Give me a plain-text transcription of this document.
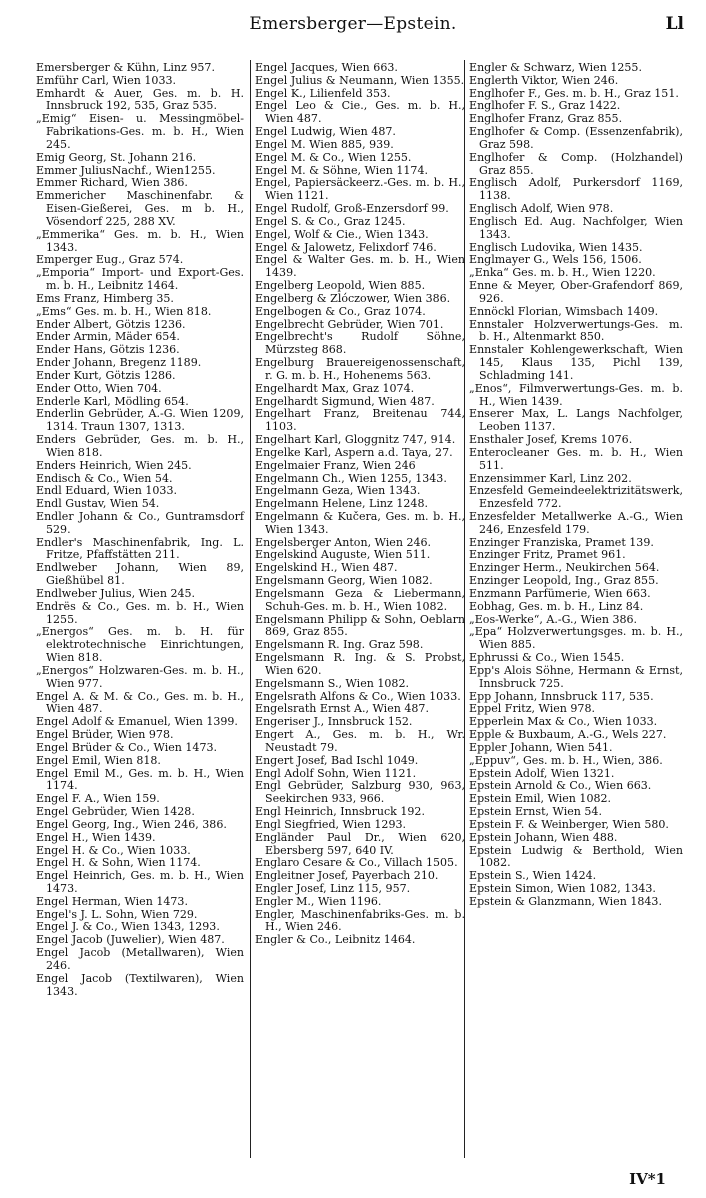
Emersberger—Epstein.	Ll

Emersberger & Kühn, Linz 957.

Emführ Carl, Wien 1033.

Emhardt & Auer, Ges. m. b. H. Innsbruck 192, 535, Graz 535.

„Emig“ Eisen- u. Messingmöbel-Fabrikations-Ges. m. b. H., Wien 245.

Emig Georg, St. Johann 216.

Emmer JuliusNachf., Wien1255.

Emmer Richard, Wien 386.

Emmericher Maschinenfabr. & Eisen-Gießerei, Ges. m b. H., Vösendorf 225, 288 XV.

„Emmerika“ Ges. m. b. H., Wien 1343.

Emperger Eug., Graz 574.

„Emporia“ Import- und Export-Ges. m. b. H., Leibnitz 1464.

Ems Franz, Himberg 35.

„Ems“ Ges. m. b. H., Wien 818.

Ender Albert, Götzis 1236.

Ender Armin, Mäder 654.

Ender Hans, Götzis 1236.

Ender Johann, Bregenz 1189.

Ender Kurt, Götzis 1286.

Ender Otto, Wien 704.

Enderle Karl, Mödling 654.

Enderlin Gebrüder, A.-G. Wien 1209, 1314. Traun 1307, 1313.

Enders Gebrüder, Ges. m. b. H., Wien 818.

Enders Heinrich, Wien 245.

Endisch & Co., Wien 54.

Endl Eduard, Wien 1033.

Endl Gustav, Wien 54.

Endler Johann & Co., Guntramsdorf 529.

Endler's Maschinenfabrik, Ing. L. Fritze, Pfaffstätten 211.

Endlweber Johann, Wien 89, Gießhübel 81.

Endlweber Julius, Wien 245.

Endrës & Co., Ges. m. b. H., Wien 1255.

„Energos“ Ges. m. b. H. für elektrotechnische Einrichtungen, Wien 818.

„Energos“ Holzwaren-Ges. m. b. H., Wien 977.

Engel A. & M. & Co., Ges. m. b. H., Wien 487.

Engel Adolf & Emanuel, Wien 1399.

Engel Brüder, Wien 978.

Engel Brüder & Co., Wien 1473.

Engel Emil, Wien 818.

Engel Emil M., Ges. m. b. H., Wien 1174.

Engel F. A., Wien 159.

Engel Gebrüder, Wien 1428.

Engel Georg, Ing., Wien 246, 386.

Engel H., Wien 1439.

Engel H. & Co., Wien 1033.

Engel H. & Sohn, Wien 1174.

Engel Heinrich, Ges. m. b. H., Wien 1473.

Engel Herman, Wien 1473.

Engel's J. L. Sohn, Wien 729.

Engel J. & Co., Wien 1343, 1293.

Engel Jacob (Juwelier), Wien 487.

Engel Jacob (Metallwaren), Wien 246.

Engel Jacob (Textilwaren), Wien 1343.

Engel Jacques, Wien 663.

Engel Julius & Neumann, Wien 1355.

Engel K., Lilienfeld 353.

Engel Leo & Cie., Ges. m. b. H., Wien 487.

Engel Ludwig, Wien 487.

Engel M. Wien 885, 939.

Engel M. & Co., Wien 1255.

Engel M. & Söhne, Wien 1174.

Engel, Papiersäckeerz.-Ges. m. b. H., Wien 1121.

Engel Rudolf, Groß-Enzersdorf 99.

Engel S. & Co., Graz 1245.

Engel, Wolf & Cie., Wien 1343.

Engel & Jalowetz, Felixdorf 746.

Engel & Walter Ges. m. b. H., Wien 1439.

Engelberg Leopold, Wien 885.

Engelberg & Zlóczower, Wien 386.

Engelbogen & Co., Graz 1074.

Engelbrecht Gebrüder, Wien 701.

Engelbrecht's Rudolf Söhne, Mürzsteg 868.

Engelburg Brauereigenossenschaft, r. G. m. b. H., Hohenems 563.

Engelhardt Max, Graz 1074.

Engelhardt Sigmund, Wien 487.

Engelhart Franz, Breitenau 744, 1103.

Engelhart Karl, Gloggnitz 747, 914.

Engelke Karl, Aspern a.d. Taya, 27.

Engelmaier Franz, Wien 246

Engelmann Ch., Wien 1255, 1343.

Engelmann Geza, Wien 1343.

Engelmann Helene, Linz 1248.

Engelmann & Kučera, Ges. m. b. H., Wien 1343.

Engelsberger Anton, Wien 246.

Engelskind Auguste, Wien 511.

Engelskind H., Wien 487.

Engelsmann Georg, Wien 1082.

Engelsmann Geza & Liebermann, Schuh-Ges. m. b. H., Wien 1082.

Engelsmann Philipp & Sohn, Oeblarn 869, Graz 855.

Engelsmann R. Ing. Graz 598.

Engelsmann R. Ing. & S. Probst, Wien 620.

Engelsmann S., Wien 1082.

Engelsrath Alfons & Co., Wien 1033.

Engelsrath Ernst A., Wien 487.

Engeriser J., Innsbruck 152.

Engert A., Ges. m. b. H., Wr. Neustadt 79.

Engert Josef, Bad Ischl 1049.

Engl Adolf Sohn, Wien 1121.

Engl Gebrüder, Salzburg 930, 963, Seekirchen 933, 966.

Engl Heinrich, Innsbruck 192.

Engl Siegfried, Wien 1293.

Engländer Paul Dr., Wien 620, Ebersberg 597, 640 IV.

Englaro Cesare & Co., Villach 1505.

Engleitner Josef, Payerbach 210.

Engler Josef, Linz 115, 957.

Engler M., Wien 1196.

Engler, Maschinenfabriks-Ges. m. b. H., Wien 246.

Engler & Co., Leibnitz 1464.

Engler & Schwarz, Wien 1255.

Englerth Viktor, Wien 246.

Englhofer F., Ges. m. b. H., Graz 151.

Englhofer F. S., Graz 1422.

Englhofer Franz, Graz 855.

Englhofer & Comp. (Essenzenfabrik), Graz 598.

Englhofer & Comp. (Holzhandel) Graz 855.

Englisch Adolf, Purkersdorf 1169, 1138.

Englisch Adolf, Wien 978.

Englisch Ed. Aug. Nachfolger, Wien 1343.

Englisch Ludovika, Wien 1435.

Englmayer G., Wels 156, 1506.

„Enka“ Ges. m. b. H., Wien 1220.

Enne & Meyer, Ober-Grafendorf 869, 926.

Ennöckl Florian, Wimsbach 1409.

Ennstaler Holzverwertungs-Ges. m. b. H., Altenmarkt 850.

Ennstaler Kohlengewerkschaft, Wien 145, Klaus 135, Pichl 139, Schladming 141.

„Enos“, Filmverwertungs-Ges. m. b. H., Wien 1439.

Enserer Max, L. Langs Nachfolger, Leoben 1137.

Ensthaler Josef, Krems 1076.

Enterocleaner Ges. m. b. H., Wien 511.

Enzensimmer Karl, Linz 202.

Enzesfeld Gemeindeelektrizitätswerk, Enzesfeld 772.

Enzesfelder Metallwerke A.-G., Wien 246, Enzesfeld 179.

Enzinger Franziska, Pramet 139.

Enzinger Fritz, Pramet 961.

Enzinger Herm., Neukirchen 564.

Enzinger Leopold, Ing., Graz 855.

Enzmann Parfümerie, Wien 663.

Eobhag, Ges. m. b. H., Linz 84.

„Eos-Werke“, A.-G., Wien 386.

„Epa“ Holzverwertungsges. m. b. H., Wien 885.

Ephrussi & Co., Wien 1545.

Epp's Alois Söhne, Hermann & Ernst, Innsbruck 725.

Epp Johann, Innsbruck 117, 535.

Eppel Fritz, Wien 978.

Epperlein Max & Co., Wien 1033.

Epple & Buxbaum, A.-G., Wels 227.

Eppler Johann, Wien 541.

„Eppuv“, Ges. m. b. H., Wien, 386.

Epstein Adolf, Wien 1321.

Epstein Arnold & Co., Wien 663.

Epstein Emil, Wien 1082.

Epstein Ernst, Wien 54.

Epstein F. & Weinberger, Wien 580.

Epstein Johann, Wien 488.

Epstein Ludwig & Berthold, Wien 1082.

Epstein S., Wien 1424.

Epstein Simon, Wien 1082, 1343.

Epstein & Glanzmann, Wien 1843.

IV*1
